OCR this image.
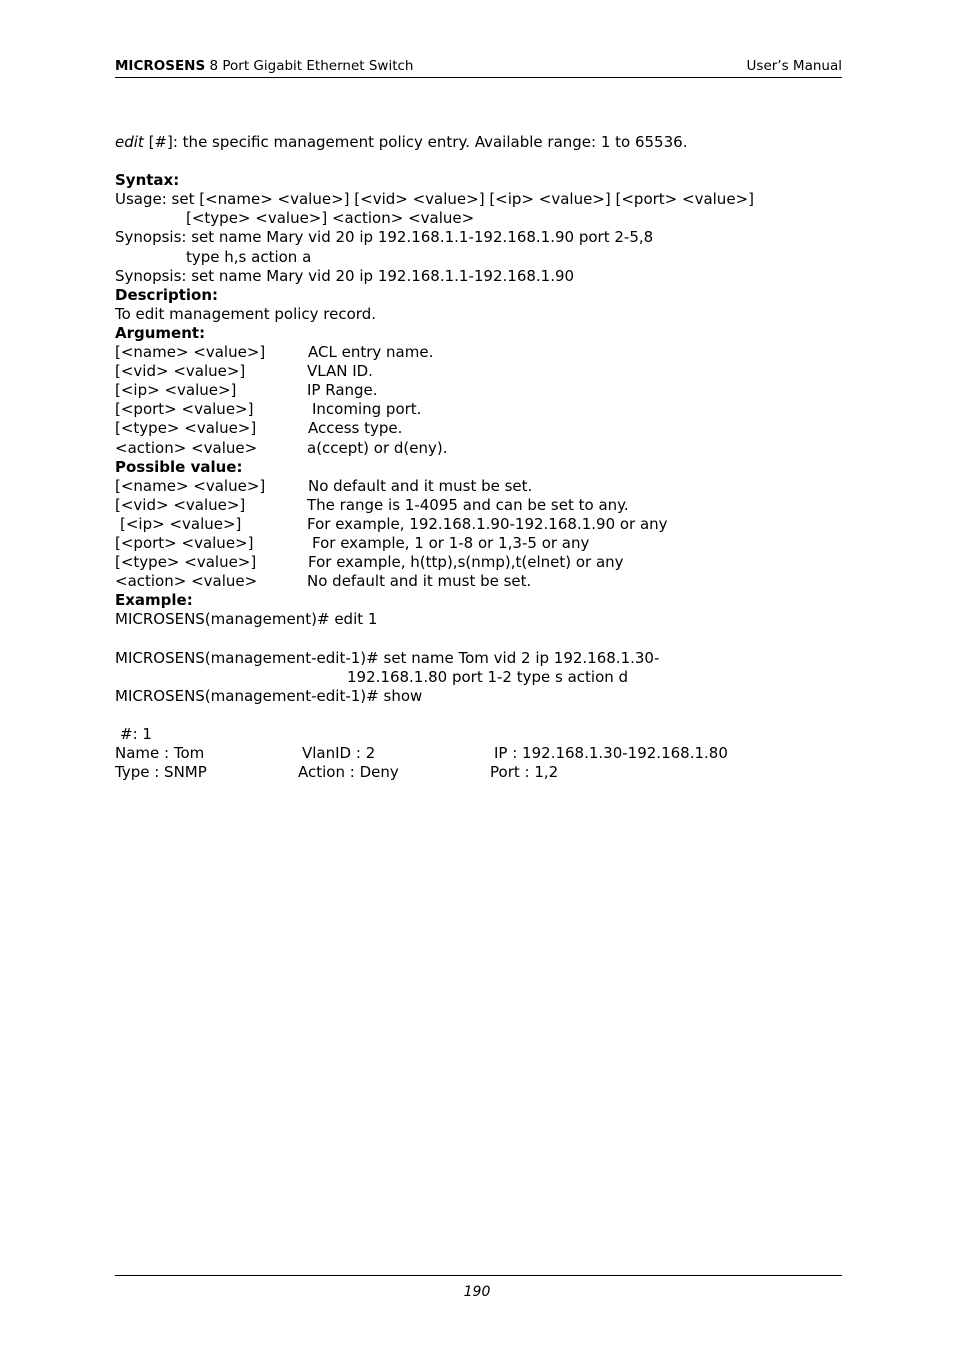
MICROSENS 8 Port Gigabit Ethernet Switch	User’s Manual
edit [#]: the specific management policy entry. Available range: 1 to 65536.
Syntax:
Usage: set [<name> <value>] [<vid> <value>] [<ip> <value>] [<port> <value>]
[<type> <value>] <action> <value>
Synopsis: set name Mary vid 20 ip 192.168.1.1-192.168.1.90 port 2-5,8
type h,s action a
Synopsis: set name Mary vid 20 ip 192.168.1.1-192.168.1.90
Description:
To edit management policy record.
Argument:
[<name> <value>]	ACL entry name.
[<vid> <value>]	VLAN ID.
[<ip> <value>]	IP Range.
[<port> <value>]	Incoming port.
[<type> <value>]	Access type.
<action> <value>	a(ccept) or d(eny).
Possible value:
[<name> <value>]	No default and it must be set.
[<vid> <value>]	The range is 1-4095 and can be set to any.
[<ip> <value>]	For example, 192.168.1.90-192.168.1.90 or any
[<port> <value>]	For example, 1 or 1-8 or 1,3-5 or any
[<type> <value>]	For example, h(ttp),s(nmp),t(elnet) or any
<action> <value>	No default and it must be set.
Example:
MICROSENS(management)# edit 1
MICROSENS(management-edit-1)# set name Tom vid 2 ip 192.168.1.30-
192.168.1.80 port 1-2 type s action d
MICROSENS(management-edit-1)# show
#: 1
Name : Tom	VlanID : 2	IP : 192.168.1.30-192.168.1.80
Type : SNMP	Action : Deny	Port : 1,2
190
